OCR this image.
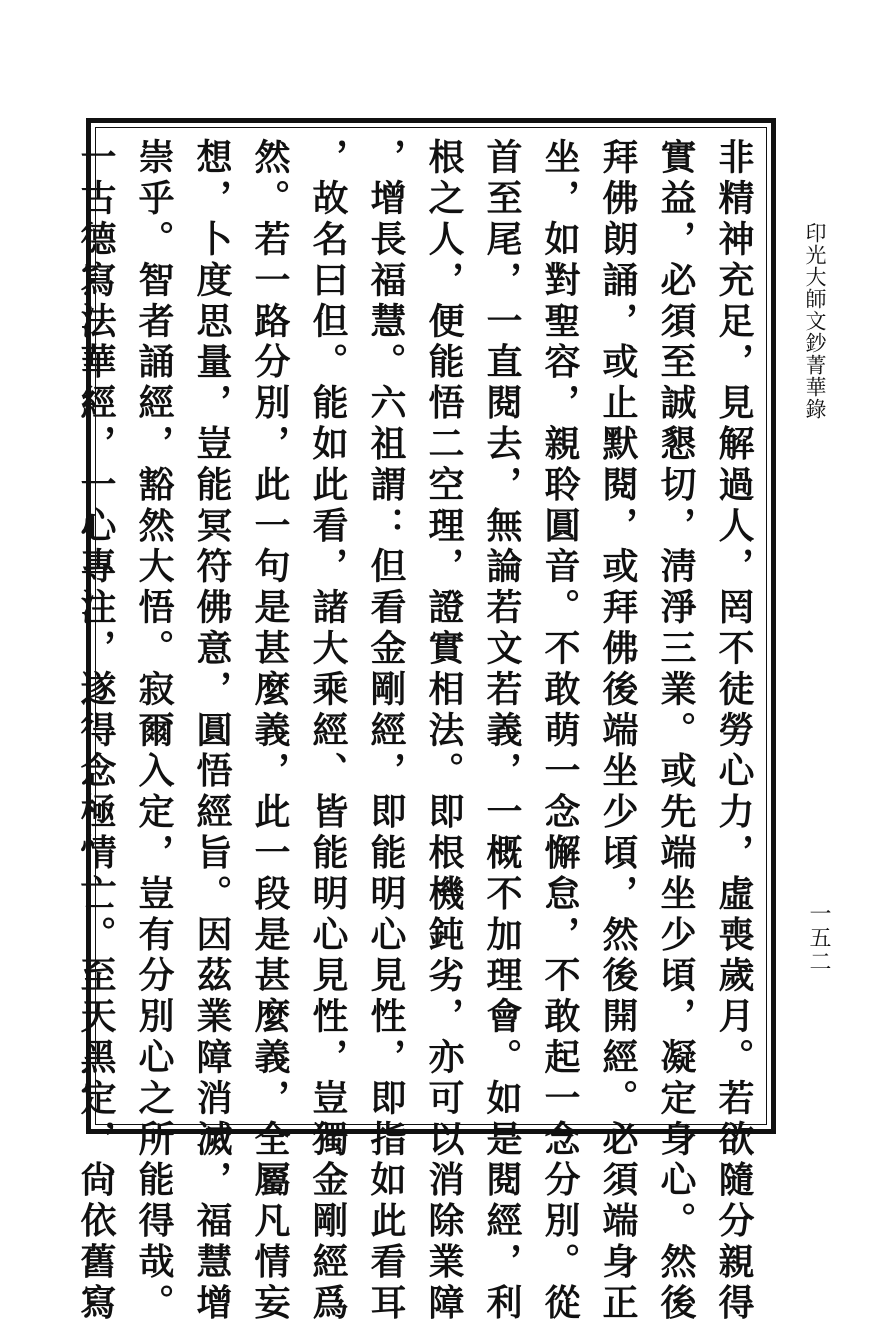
印光大師文鈔菁華錄
非精神充足，見解過人，罔不徒勞心力，虛喪歲月。若欲隨分親得
實益，必須至誠懇切，淸淨三業。或先端坐少頃，凝定身心。然後
拜佛朗誦，或止默閱，或拜佛後端坐少頃，然後開經。必須端身正
坐，如對聖容，親聆圓音。不敢萌一念懈怠，不敢起一念分別。從
首至尾，一直閱去，無論若文若義，一概不加理會。如是閱經，利
根之人，便能悟二空理，證實相法。即根機鈍劣，亦可以消除業障
，增長福慧。六祖謂：但看金剛經，即能明心見性，即指如此看耳
，故名曰但。能如此看，諸大乘經、皆能明心見性，豈獨金剛經爲
然。若一路分別，此一句是甚麼義，此一段是甚麼義，全屬凡情妄
想，卜度思量，豈能冥符佛意，圓悟經旨。因茲業障消滅，福慧增
崇乎。智者誦經，豁然大悟。寂爾入定，豈有分別心之所能得哉。
一古德寫法華經，一心專注，遂得念極情亡。至天黑定，尙依舊寫	一五二
